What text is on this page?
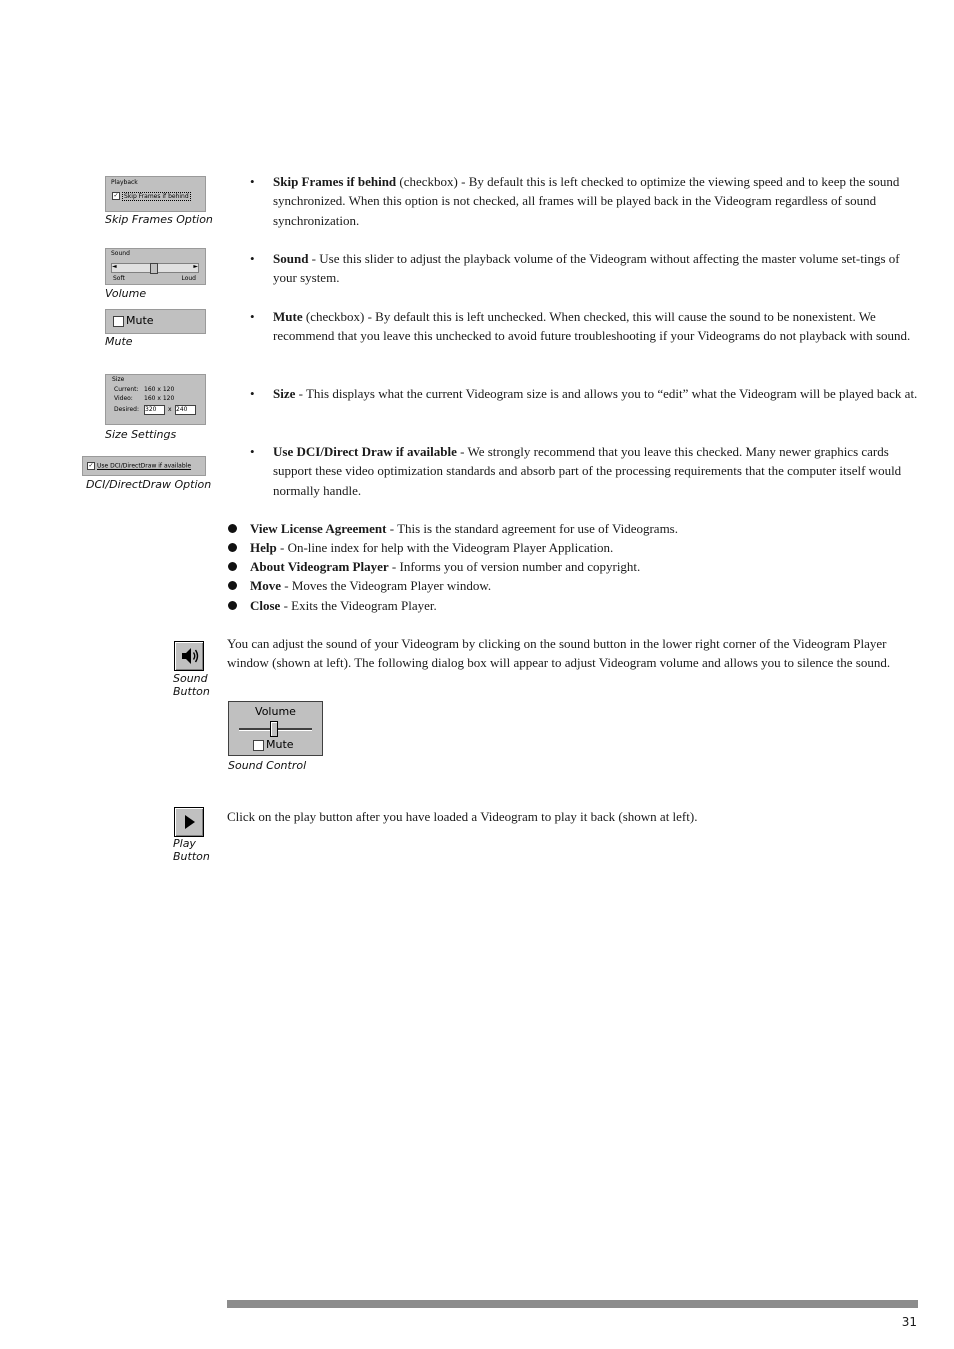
Playback
✓ Skip Frames if behind
Skip Frames Option
Sound
◄	►
Soft	Loud
Volume
Mute
Mute
Size
Current: 160 x 120
Video: 160 x 120
Desired: 320	x 240
Size Settings
✓ Use DCI/DirectDraw if available
DCI/DirectDraw Option
• Skip Frames if behind (checkbox) - By default this is left checked to optimize the viewing speed and to keep the sound synchronized. When this option is not checked, all frames will be played back in the Videogram regardless of sound synchronization.

• Sound - Use this slider to adjust the playback volume of the Videogram without affecting the master volume set-tings of your system.

• Mute (checkbox) - By default this is left unchecked. When checked, this will cause the sound to be nonexistent. We recommend that you leave this unchecked to avoid future troubleshooting if your Videograms do not playback with sound.

• Size - This displays what the current Videogram size is and allows you to “edit” what the Videogram will be played back at.

• Use DCI/Direct Draw if available - We strongly recommend that you leave this checked. Many newer graphics cards support these video optimization standards and absorb part of the processing requirements that the computer itself would normally handle.

View License Agreement - This is the standard agreement for use of Videograms.
Help - On-line index for help with the Videogram Player Application.
About Videogram Player - Informs you of version number and copyright.
Move - Moves the Videogram Player window.
Close - Exits the Videogram Player.
Sound
Button

You can adjust the sound of your Videogram by clicking on the sound button in the lower right corner of the Videogram Player window (shown at left). The following dialog box will appear to adjust Videogram volume and allows you to silence the sound.

Volume
Mute
Sound Control
Play
Button

Click on the play button after you have loaded a Videogram to play it back (shown at left).

31
